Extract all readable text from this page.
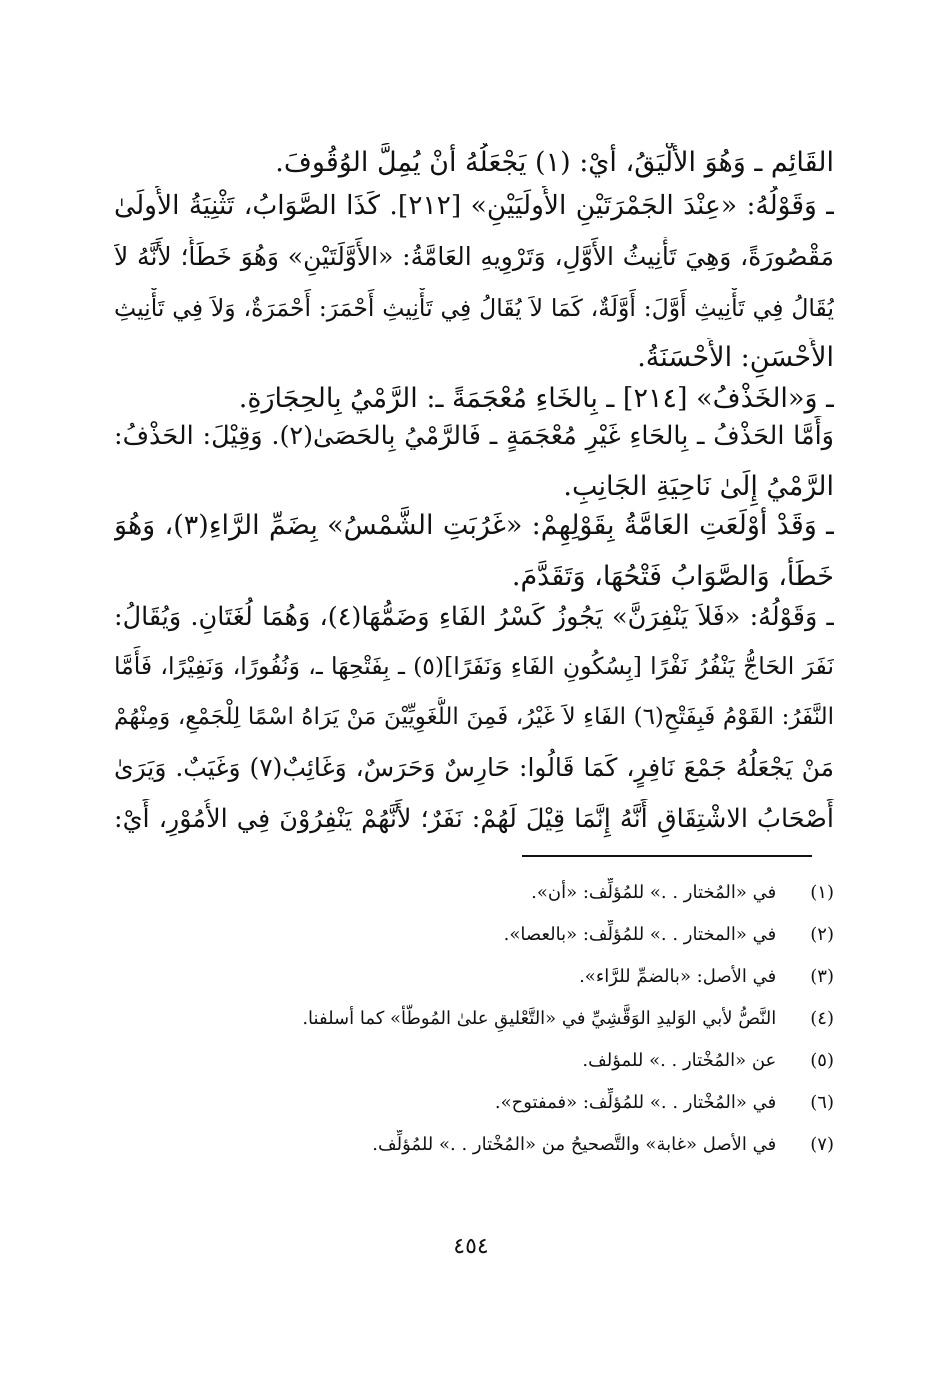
القَائِم ـ وَهُوَ الأَلْيَقُ، أَيْ: (١) يَجْعَلُهُ أَنْ يُمِلَّ الوُقُوفَ.
ـ وَقَوْلُهُ: «عِنْدَ الجَمْرَتَيْنِ الأُولَيَيْنِ» [٢١٢]. كَذَا الصَّوَابُ، تَثْنِيَةُ الأُولَىٰ
مَقْصُورَةً، وَهِيَ تَأْنِيثُ الأَوَّلِ، وَتَرْوِيهِ العَامَّةُ: «الأَوَّلَتَيْنِ» وَهُوَ خَطَأٌ؛ لأَنَّهُ لاَ
يُقَالُ فِي تَأْنِيثِ أَوَّلَ: أَوَّلَةٌ، كَمَا لاَ يُقَالُ فِي تَأْنِيثِ أَحْمَرَ: أَحْمَرَةٌ، وَلاَ فِي تَأْنِيثِ
الأَحْسَنِ: الأَحْسَنَةُ.
ـ وَ«الخَذْفُ» [٢١٤] ـ بِالخَاءِ مُعْجَمَةً ـ: الرَّمْيُ بِالحِجَارَةِ.
وَأَمَّا الحَذْفُ ـ بِالحَاءِ غَيْرِ مُعْجَمَةٍ ـ فَالرَّمْيُ بِالحَصَىٰ(٢). وَقِيْلَ: الحَذْفُ:
الرَّمْيُ إِلَىٰ نَاحِيَةِ الجَانِبِ.
ـ وَقَدْ أَوْلَعَتِ العَامَّةُ بِقَوْلِهِمْ: «غَرُبَتِ الشَّمْسُ» بِضَمِّ الرَّاءِ(٣)، وَهُوَ
خَطَأٌ، وَالصَّوَابُ فَتْحُهَا، وَتَقَدَّمَ.
ـ وَقَوْلُهُ: «فَلاَ يَنْفِرَنَّ» يَجُوزُ كَسْرُ الفَاءِ وَضَمُّهَا(٤)، وَهُمَا لُغَتَانِ. وَيُقَالُ:
نَفَرَ الحَاجُّ يَنْفُرُ نَفْرًا [بِسُكُونِ الفَاءِ وَنَفَرًا](٥) ـ بِفَتْحِهَا ـ، وَنُفُورًا، وَنَفِيْرًا، فَأَمَّا
النَّفَرُ: القَوْمُ فَبِفَتْحِ(٦) الفَاءِ لاَ غَيْرُ، فَمِنَ اللُّغَوِيِّيْنَ مَنْ يَرَاهُ اسْمًا لِلْجَمْعِ، وَمِنْهُمْ
مَنْ يَجْعَلُهُ جَمْعَ نَافِرٍ، كَمَا قَالُوا: حَارِسٌ وَحَرَسٌ، وَغَائِبٌ(٧) وَغَيَبٌ. وَيَرَىٰ
أَصْحَابُ الاشْتِقَاقِ أَنَّهُ إِنَّمَا قِيْلَ لَهُمْ: نَفَرٌ؛ لأَنَّهُمْ يَنْفِرُوْنَ فِي الأُمُوْرِ، أَيْ:
(١) في «المُختار . .» للمُؤلِّف: «أن».
(٢) في «المختار . .» للمُؤلِّف: «بالعصا».
(٣) في الأصل: «بالضمِّ للرَّاء».
(٤) النَّصُّ لأبي الوَليدِ الوَقَّشِيِّ في «التَّعْليقِ علىٰ المُوطَّأ» كما أسلفنا.
(٥) عن «المُخْتار . .» للمؤلف.
(٦) في «المُخْتار . .» للمُؤلِّف: «فمفتوح».
(٧) في الأصل «غابة» والتَّصحيحُ من «المُخْتار . .» للمُؤلِّف.
٤٥٤
